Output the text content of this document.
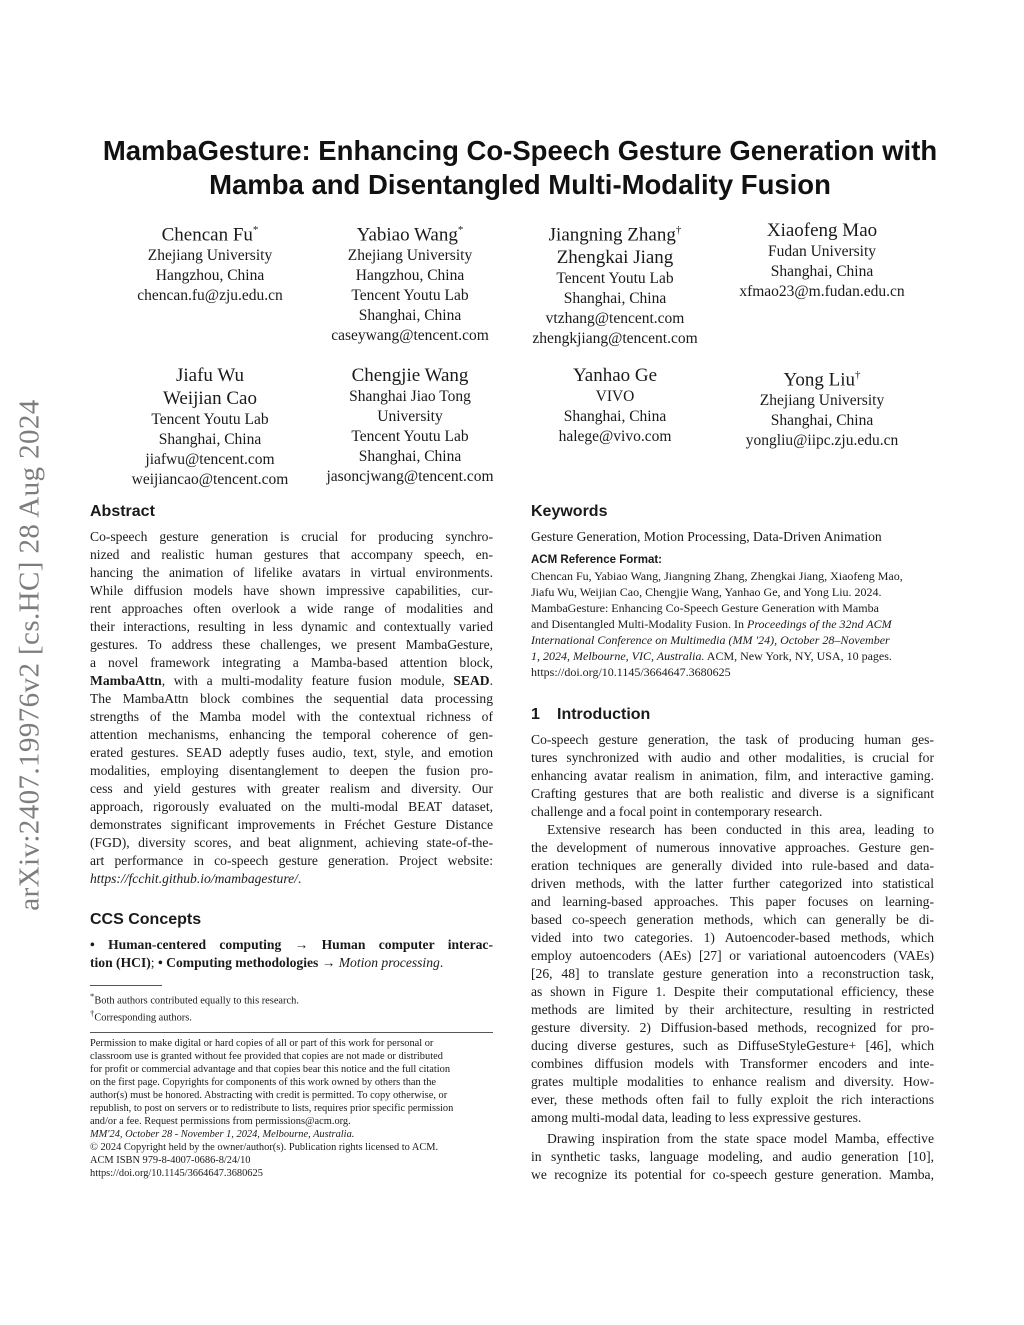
arXiv:2407.19976v2 [cs.HC] 28 Aug 2024
MambaGesture: Enhancing Co-Speech Gesture Generation with
Mamba and Disentangled Multi-Modality Fusion
Chencan Fu*
Zhejiang University
Hangzhou, China
chencan.fu@zju.edu.cn
Yabiao Wang*
Zhejiang University
Hangzhou, China
Tencent Youtu Lab
Shanghai, China
caseywang@tencent.com
Jiangning Zhang†
Zhengkai Jiang
Tencent Youtu Lab
Shanghai, China
vtzhang@tencent.com
zhengkjiang@tencent.com
Xiaofeng Mao
Fudan University
Shanghai, China
xfmao23@m.fudan.edu.cn
Jiafu Wu
Weijian Cao
Tencent Youtu Lab
Shanghai, China
jiafwu@tencent.com
weijiancao@tencent.com
Chengjie Wang
Shanghai Jiao Tong
University
Tencent Youtu Lab
Shanghai, China
jasoncjwang@tencent.com
Yanhao Ge
VIVO
Shanghai, China
halege@vivo.com
Yong Liu†
Zhejiang University
Shanghai, China
yongliu@iipc.zju.edu.cn
Abstract
Co-speech gesture generation is crucial for producing synchro-
nized and realistic human gestures that accompany speech, en-
hancing the animation of lifelike avatars in virtual environments.
While diffusion models have shown impressive capabilities, cur-
rent approaches often overlook a wide range of modalities and
their interactions, resulting in less dynamic and contextually varied
gestures. To address these challenges, we present MambaGesture,
a novel framework integrating a Mamba-based attention block,
MambaAttn, with a multi-modality feature fusion module, SEAD.
The MambaAttn block combines the sequential data processing
strengths of the Mamba model with the contextual richness of
attention mechanisms, enhancing the temporal coherence of gen-
erated gestures. SEAD adeptly fuses audio, text, style, and emotion
modalities, employing disentanglement to deepen the fusion pro-
cess and yield gestures with greater realism and diversity. Our
approach, rigorously evaluated on the multi-modal BEAT dataset,
demonstrates significant improvements in Fréchet Gesture Distance
(FGD), diversity scores, and beat alignment, achieving state-of-the-
art performance in co-speech gesture generation. Project website:
https://fcchit.github.io/mambagesture/.
CCS Concepts
• Human-centered computing → Human computer interac-
tion (HCI); • Computing methodologies → Motion processing.
*Both authors contributed equally to this research.
†Corresponding authors.
Permission to make digital or hard copies of all or part of this work for personal or
classroom use is granted without fee provided that copies are not made or distributed
for profit or commercial advantage and that copies bear this notice and the full citation
on the first page. Copyrights for components of this work owned by others than the
author(s) must be honored. Abstracting with credit is permitted. To copy otherwise, or
republish, to post on servers or to redistribute to lists, requires prior specific permission
and/or a fee. Request permissions from permissions@acm.org.
MM'24, October 28 - November 1, 2024, Melbourne, Australia.
© 2024 Copyright held by the owner/author(s). Publication rights licensed to ACM.
ACM ISBN 979-8-4007-0686-8/24/10
https://doi.org/10.1145/3664647.3680625
Keywords
Gesture Generation, Motion Processing, Data-Driven Animation
ACM Reference Format:
Chencan Fu, Yabiao Wang, Jiangning Zhang, Zhengkai Jiang, Xiaofeng Mao,
Jiafu Wu, Weijian Cao, Chengjie Wang, Yanhao Ge, and Yong Liu. 2024.
MambaGesture: Enhancing Co-Speech Gesture Generation with Mamba
and Disentangled Multi-Modality Fusion. In Proceedings of the 32nd ACM
International Conference on Multimedia (MM '24), October 28–November
1, 2024, Melbourne, VIC, Australia. ACM, New York, NY, USA, 10 pages.
https://doi.org/10.1145/3664647.3680625
1 Introduction
Co-speech gesture generation, the task of producing human ges-
tures synchronized with audio and other modalities, is crucial for
enhancing avatar realism in animation, film, and interactive gaming.
Crafting gestures that are both realistic and diverse is a significant
challenge and a focal point in contemporary research.
Extensive research has been conducted in this area, leading to
the development of numerous innovative approaches. Gesture gen-
eration techniques are generally divided into rule-based and data-
driven methods, with the latter further categorized into statistical
and learning-based approaches. This paper focuses on learning-
based co-speech generation methods, which can generally be di-
vided into two categories. 1) Autoencoder-based methods, which
employ autoencoders (AEs) [27] or variational autoencoders (VAEs)
[26, 48] to translate gesture generation into a reconstruction task,
as shown in Figure 1. Despite their computational efficiency, these
methods are limited by their architecture, resulting in restricted
gesture diversity. 2) Diffusion-based methods, recognized for pro-
ducing diverse gestures, such as DiffuseStyleGesture+ [46], which
combines diffusion models with Transformer encoders and inte-
grates multiple modalities to enhance realism and diversity. How-
ever, these methods often fail to fully exploit the rich interactions
among multi-modal data, leading to less expressive gestures.
Drawing inspiration from the state space model Mamba, effective
in synthetic tasks, language modeling, and audio generation [10],
we recognize its potential for co-speech gesture generation. Mamba,
